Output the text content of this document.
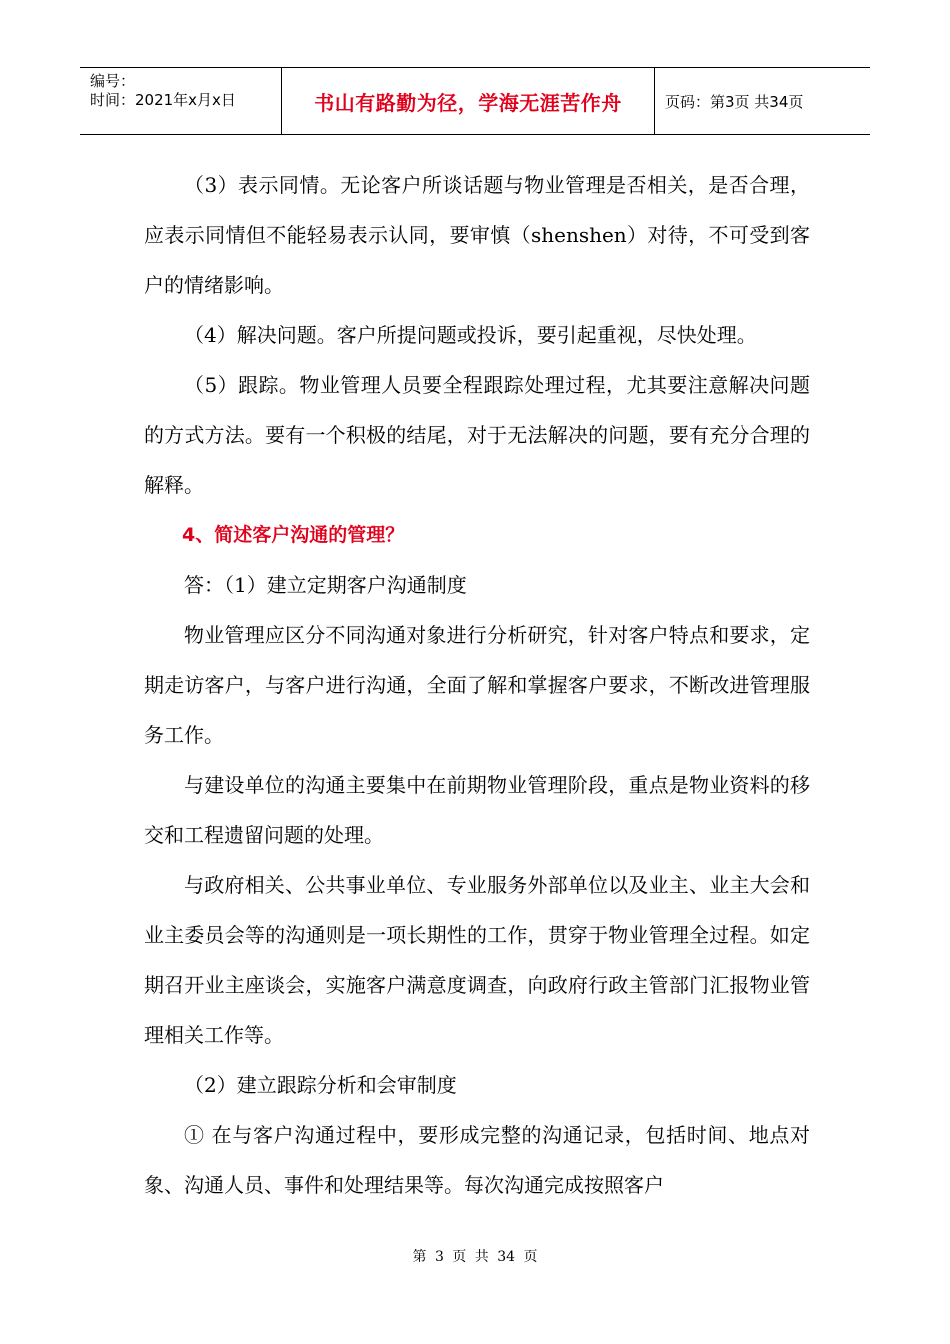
编号：
时间：2021年x月x日	书山有路勤为径，学海无涯苦作舟	页码：第3页 共34页

（3）表示同情。无论客户所谈话题与物业管理是否相关，是否合理，应表示同情但不能轻易表示认同，要审慎（shenshen）对待，不可受到客户的情绪影响。

（4）解决问题。客户所提问题或投诉，要引起重视，尽快处理。

（5）跟踪。物业管理人员要全程跟踪处理过程，尤其要注意解决问题的方式方法。要有一个积极的结尾，对于无法解决的问题，要有充分合理的解释。

4、简述客户沟通的管理？

答：（1）建立定期客户沟通制度

物业管理应区分不同沟通对象进行分析研究，针对客户特点和要求，定期走访客户，与客户进行沟通，全面了解和掌握客户要求，不断改进管理服务工作。

与建设单位的沟通主要集中在前期物业管理阶段，重点是物业资料的移交和工程遗留问题的处理。

与政府相关、公共事业单位、专业服务外部单位以及业主、业主大会和业主委员会等的沟通则是一项长期性的工作，贯穿于物业管理全过程。如定期召开业主座谈会，实施客户满意度调查，向政府行政主管部门汇报物业管理相关工作等。

（2）建立跟踪分析和会审制度

① 在与客户沟通过程中，要形成完整的沟通记录，包括时间、地点对象、沟通人员、事件和处理结果等。每次沟通完成按照客户

第 3 页 共 34 页
